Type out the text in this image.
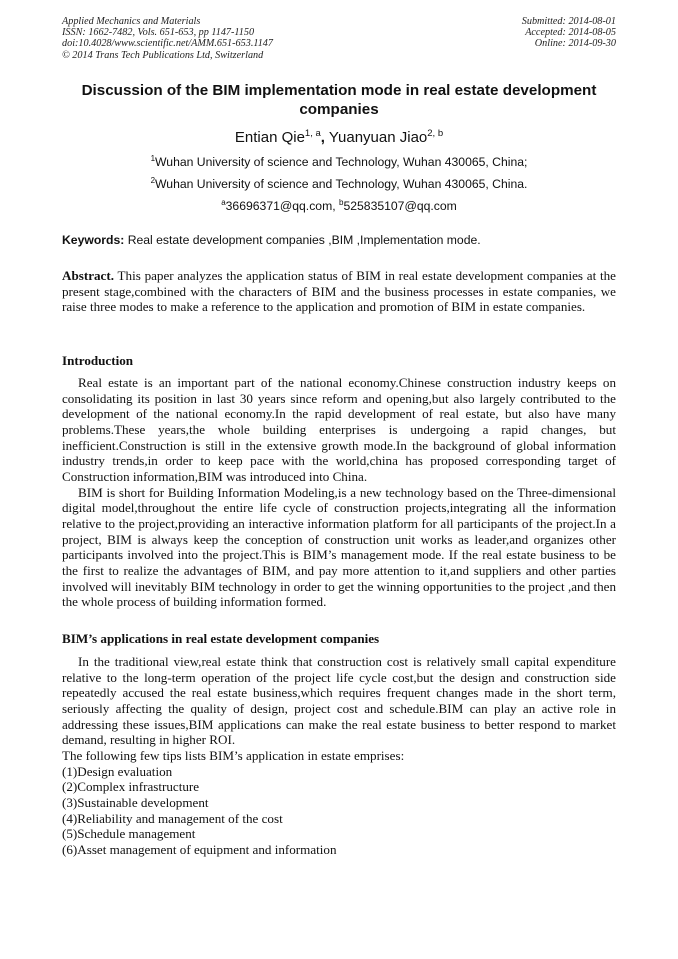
Applied Mechanics and Materials
ISSN: 1662-7482, Vols. 651-653, pp 1147-1150
doi:10.4028/www.scientific.net/AMM.651-653.1147
© 2014 Trans Tech Publications Ltd, Switzerland
Submitted: 2014-08-01
Accepted: 2014-08-05
Online: 2014-09-30
Discussion of the BIM implementation mode in real estate development companies
Entian Qie$^{1, a}$, Yuanyuan Jiao$^{2, b}$
$^1$Wuhan University of science and Technology, Wuhan 430065, China;
$^2$Wuhan University of science and Technology, Wuhan 430065, China.
$^a$36696371@qq.com, $^b$525835107@qq.com
Keywords: Real estate development companies ,BIM ,Implementation mode.
Abstract. This paper analyzes the application status of BIM in real estate development companies at the present stage,combined with the characters of BIM and the business processes in estate companies, we raise three modes to make a reference to the application and promotion of BIM in estate companies.
Introduction

Real estate is an important part of the national economy.Chinese construction industry keeps on consolidating its position in last 30 years since reform and opening,but also largely contributed to the development of the national economy.In the rapid development of real estate, but also have many problems.These years,the whole building enterprises is undergoing a rapid changes, but inefficient.Construction is still in the extensive growth mode.In the background of global information industry trends,in order to keep pace with the world,china has proposed corresponding target of Construction information,BIM was introduced into China.

BIM is short for Building Information Modeling,is a new technology based on the Three-dimensional digital model,throughout the entire life cycle of construction projects,integrating all the information relative to the project,providing an interactive information platform for all participants of the project.In a project, BIM is always keep the conception of construction unit works as leader,and organizes other participants involved into the project.This is BIM’s management mode. If the real estate business to be the first to realize the advantages of BIM, and pay more attention to it,and suppliers and other parties involved will inevitably BIM technology in order to get the winning opportunities to the project ,and then the whole process of building information formed.

BIM’s applications in real estate development companies

In the traditional view,real estate think that construction cost is relatively small capital expenditure relative to the long-term operation of the project life cycle cost,but the design and construction side repeatedly accused the real estate business,which requires frequent changes made in the short term, seriously affecting the quality of design, project cost and schedule.BIM can play an active role in addressing these issues,BIM applications can make the real estate business to better respond to market demand, resulting in higher ROI.

The following few tips lists BIM’s application in estate emprises:

(1)Design evaluation
(2)Complex infrastructure
(3)Sustainable development
(4)Reliability and management of the cost
(5)Schedule management
(6)Asset management of equipment and information
